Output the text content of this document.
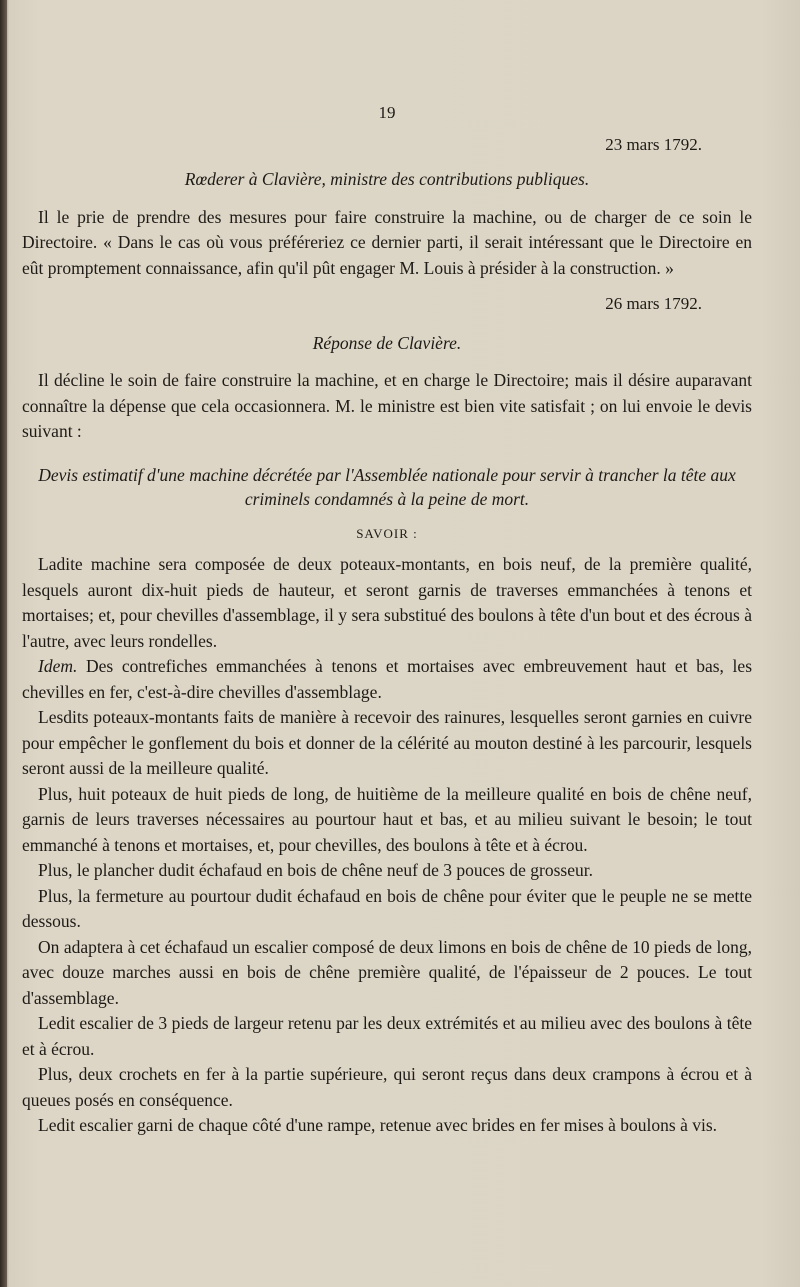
19
23 mars 1792.
Rœderer à Clavière, ministre des contributions publiques.

Il le prie de prendre des mesures pour faire construire la machine, ou de charger de ce soin le Directoire. « Dans le cas où vous préféreriez ce dernier parti, il serait intéressant que le Directoire en eût promptement connaissance, afin qu'il pût engager M. Louis à présider à la construction. »

26 mars 1792.
Réponse de Clavière.

Il décline le soin de faire construire la machine, et en charge le Directoire; mais il désire auparavant connaître la dépense que cela occasionnera. M. le ministre est bien vite satisfait ; on lui envoie le devis suivant :

Devis estimatif d'une machine décrétée par l'Assemblée nationale pour servir à trancher la tête aux criminels condamnés à la peine de mort.
SAVOIR :

Ladite machine sera composée de deux poteaux-montants, en bois neuf, de la première qualité, lesquels auront dix-huit pieds de hauteur, et seront garnis de traverses emmanchées à tenons et mortaises; et, pour chevilles d'assemblage, il y sera substitué des boulons à tête d'un bout et des écrous à l'autre, avec leurs rondelles.

Idem. Des contrefiches emmanchées à tenons et mortaises avec embreuvement haut et bas, les chevilles en fer, c'est-à-dire chevilles d'assemblage.

Lesdits poteaux-montants faits de manière à recevoir des rainures, lesquelles seront garnies en cuivre pour empêcher le gonflement du bois et donner de la célérité au mouton destiné à les parcourir, lesquels seront aussi de la meilleure qualité.

Plus, huit poteaux de huit pieds de long, de huitième de la meilleure qualité en bois de chêne neuf, garnis de leurs traverses nécessaires au pourtour haut et bas, et au milieu suivant le besoin; le tout emmanché à tenons et mortaises, et, pour chevilles, des boulons à tête et à écrou.

Plus, le plancher dudit échafaud en bois de chêne neuf de 3 pouces de grosseur.

Plus, la fermeture au pourtour dudit échafaud en bois de chêne pour éviter que le peuple ne se mette dessous.

On adaptera à cet échafaud un escalier composé de deux limons en bois de chêne de 10 pieds de long, avec douze marches aussi en bois de chêne première qualité, de l'épaisseur de 2 pouces. Le tout d'assemblage.

Ledit escalier de 3 pieds de largeur retenu par les deux extrémités et au milieu avec des boulons à tête et à écrou.

Plus, deux crochets en fer à la partie supérieure, qui seront reçus dans deux crampons à écrou et à queues posés en conséquence.

Ledit escalier garni de chaque côté d'une rampe, retenue avec brides en fer mises à boulons à vis.
